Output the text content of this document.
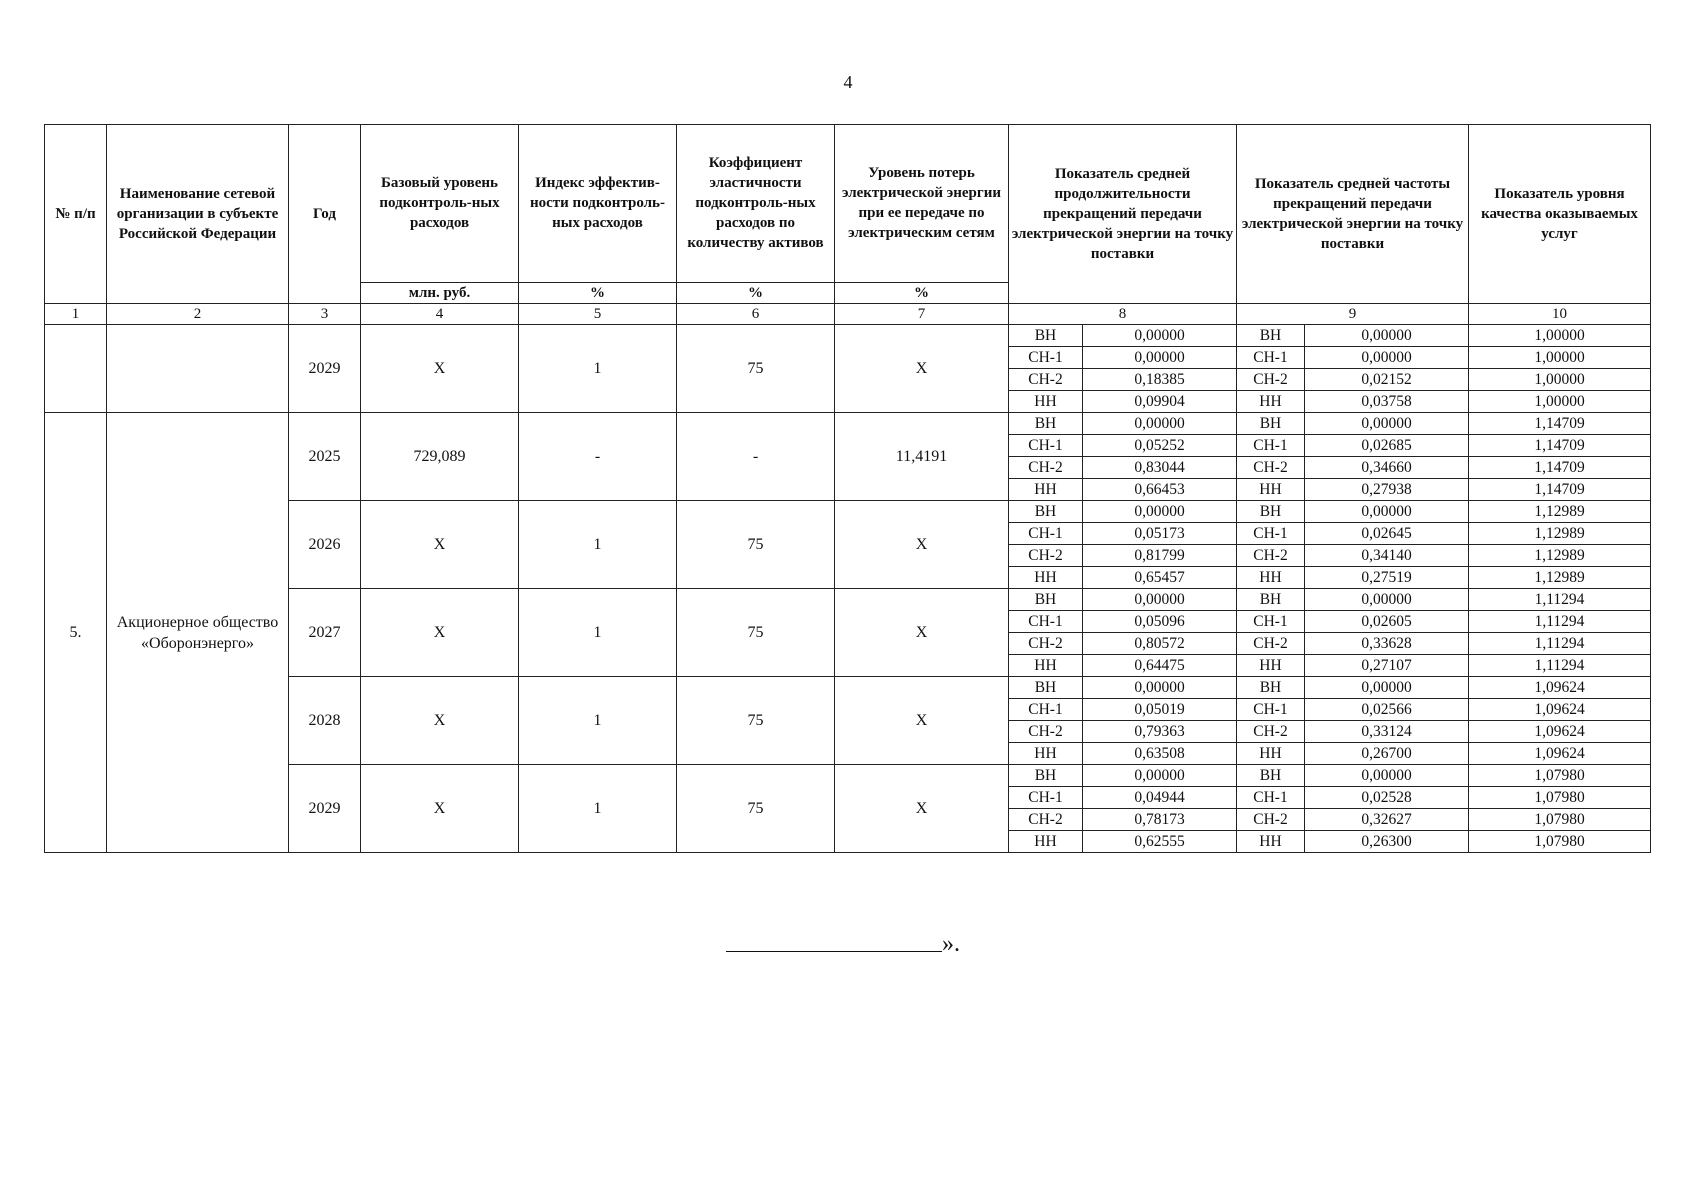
4
№ п/п	Наименование сетевой организации в субъекте Российской Федерации	Год	Базовый уровень подконтроль-ных расходов	Индекс эффектив-ности подконтроль-ных расходов	Коэффициент эластичности подконтроль-ных расходов по количеству активов	Уровень потерь электрической энергии при ее передаче по электрическим сетям	Показатель средней продолжительности прекращений передачи электрической энергии на точку поставки		Показатель средней частоты прекращений передачи электрической энергии на точку поставки		Показатель уровня качества оказываемых услуг
			млн. руб.	%	%	%					
1	2	3	4	5	6	7	8		9		10
		2029	X	1	75	X	ВН	0,00000	ВН	0,00000	1,00000
							СН-1	0,00000	СН-1	0,00000	1,00000
							СН-2	0,18385	СН-2	0,02152	1,00000
							НН	0,09904	НН	0,03758	1,00000
5.	Акционерное общество «Оборонэнерго»	2025	729,089	-	-	11,4191	ВН	0,00000	ВН	0,00000	1,14709
							СН-1	0,05252	СН-1	0,02685	1,14709
							СН-2	0,83044	СН-2	0,34660	1,14709
							НН	0,66453	НН	0,27938	1,14709
		2026	X	1	75	X	ВН	0,00000	ВН	0,00000	1,12989
							СН-1	0,05173	СН-1	0,02645	1,12989
							СН-2	0,81799	СН-2	0,34140	1,12989
							НН	0,65457	НН	0,27519	1,12989
		2027	X	1	75	X	ВН	0,00000	ВН	0,00000	1,11294
							СН-1	0,05096	СН-1	0,02605	1,11294
							СН-2	0,80572	СН-2	0,33628	1,11294
							НН	0,64475	НН	0,27107	1,11294
		2028	X	1	75	X	ВН	0,00000	ВН	0,00000	1,09624
							СН-1	0,05019	СН-1	0,02566	1,09624
							СН-2	0,79363	СН-2	0,33124	1,09624
							НН	0,63508	НН	0,26700	1,09624
		2029	X	1	75	X	ВН	0,00000	ВН	0,00000	1,07980
							СН-1	0,04944	СН-1	0,02528	1,07980
							СН-2	0,78173	СН-2	0,32627	1,07980
							НН	0,62555	НН	0,26300	1,07980
».
